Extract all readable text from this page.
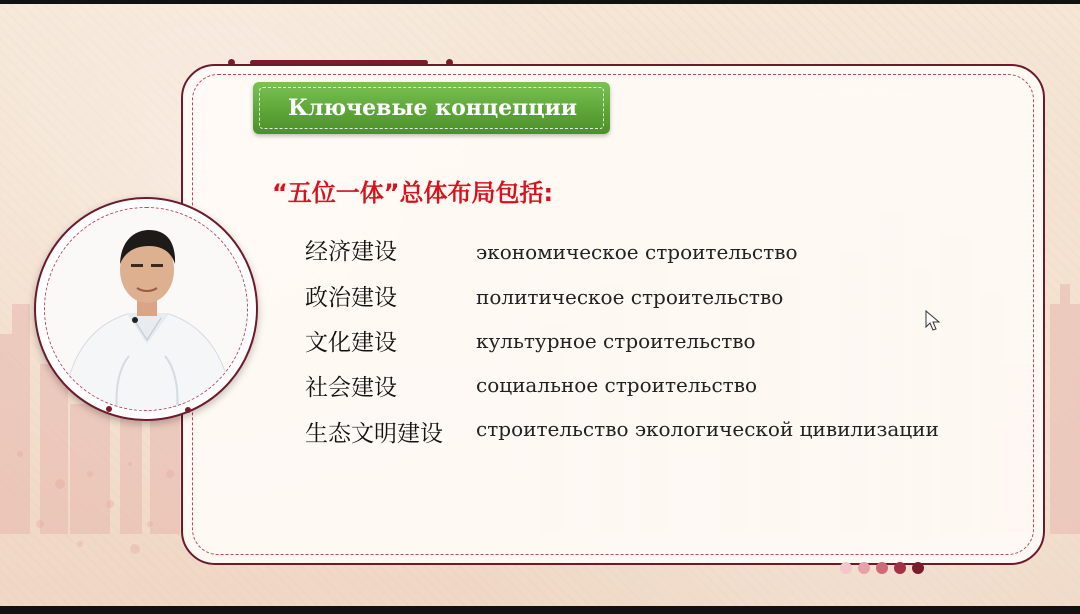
Ключевые концепции
“五位一体”总体布局包括:
经济建设	экономическое строительство
政治建设	политическое строительство
文化建设	культурное строительство
社会建设	социальное строительство
生态文明建设 строительство экологической цивилизации
